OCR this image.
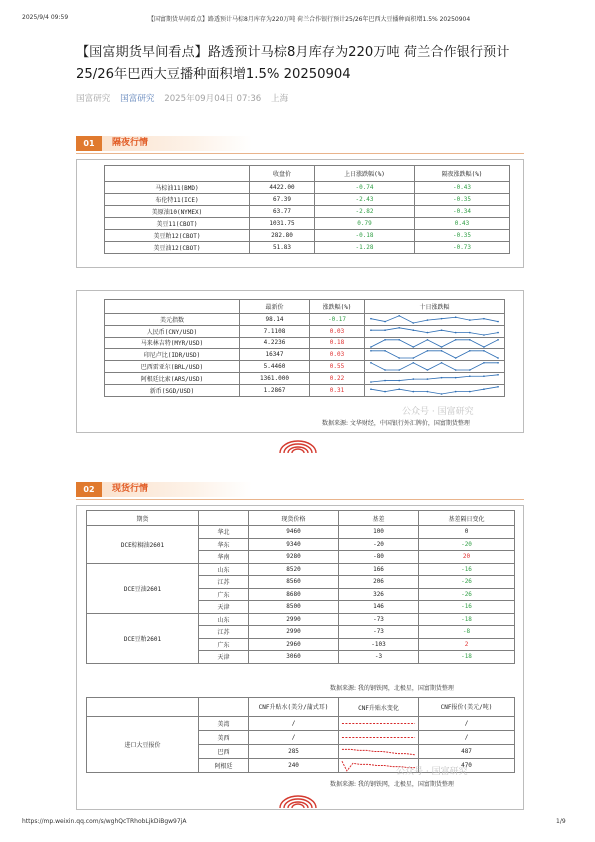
2025/9/4 09:59	【国富期货早间看点】路透预计马棕8月库存为220万吨 荷兰合作银行预计25/26年巴西大豆播种面积增1.5% 20250904
【国富期货早间看点】路透预计马棕8月库存为220万吨 荷兰合作银行预计25/26年巴西大豆播种面积增1.5% 20250904
国富研究 国富研究 2025年09月04日 07:36 上海
01	隔夜行情
	收盘价	上日涨跌幅(%)	隔夜涨跌幅(%)
马棕油11(BMD)	4422.00	-0.74	-0.43
布伦特11(ICE)	67.39	-2.43	-0.35
美原油10(NYMEX)	63.77	-2.82	-0.34
美豆11(CBOT)	1031.75	0.79	0.43
美豆粕12(CBOT)	282.80	-0.18	-0.35
美豆油12(CBOT)	51.83	-1.28	-0.73
	最新价	涨跌幅(%)	十日涨跌幅
美元指数	98.14	-0.17	

人民币(CNY/USD)	7.1108	0.03	

马来林吉特(MYR/USD)	4.2236	0.18	

印尼卢比(IDR/USD)	16347	0.03	

巴西雷亚尔(BRL/USD)	5.4460	0.55	

阿根廷比索(ARS/USD)	1361.000	0.22	

新币(SGD/USD)	1.2867	0.31	
公众号 · 国富研究
数据来源: 文华财经，中国银行外汇牌价，国富期货整理
02	现货行情
期货		现货价格	基差	基差隔日变化
DCE棕榈油2601	华北	9460	100	0
	华东	9340	-20	-20
	华南	9280	-80	20
DCE豆油2601	山东	8520	166	-16
	江苏	8560	206	-26
	广东	8680	326	-26
	天津	8500	146	-16
DCE豆粕2601	山东	2990	-73	-18
	江苏	2990	-73	-8
	广东	2960	-103	2
	天津	3060	-3	-18
数据来源: 我的钢铁网，北极星，国富期货整理
		CNF升贴水(美分/蒲式耳)	CNF升贴水变化	CNF报价(美元/吨)
进口大豆报价	美湾	/		/
	美西	/		/
	巴西	285		487
	阿根廷	240		470
公众号 · 国富研究
数据来源: 我的钢铁网，北极星，国富期货整理
https://mp.weixin.qq.com/s/wghQcTRhobLjkDiBgw97jA	1/9
